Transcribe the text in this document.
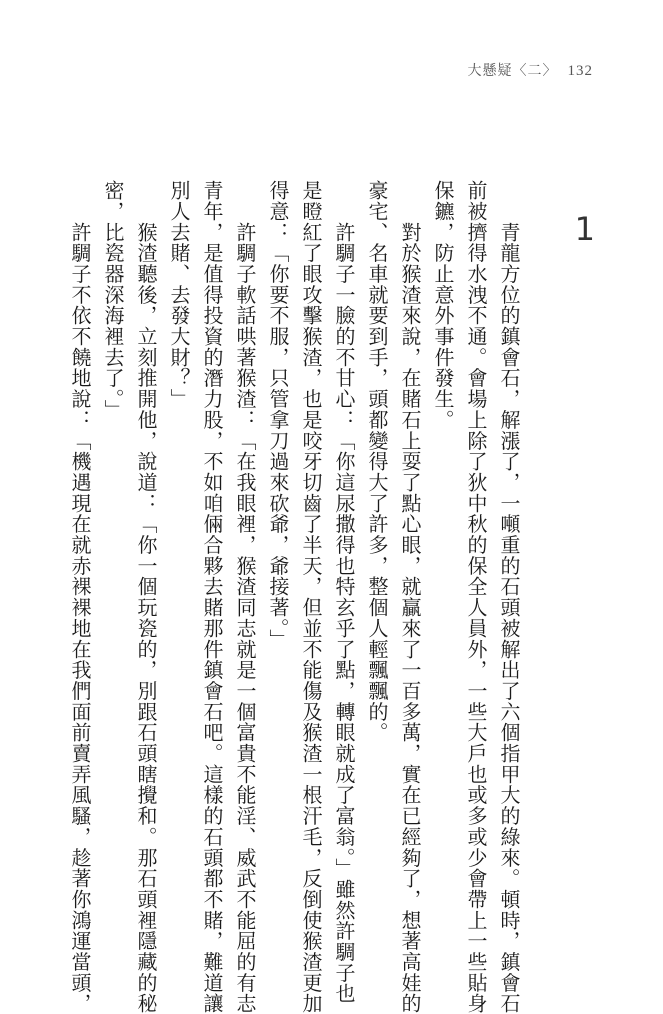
大懸疑〈二〉 132
1
　　青龍方位的鎮會石，解漲了，一噸重的石頭被解出了六個指甲大的綠來。頓時，鎮會石
前被擠得水洩不通。會場上除了狄中秋的保全人員外，一些大戶也或多或少會帶上一些貼身
保鑣，防止意外事件發生。
　　對於猴渣來說，在賭石上耍了點心眼，就贏來了一百多萬，實在已經夠了，想著高娃的
豪宅、名車就要到手，頭都變得大了許多，整個人輕飄飄的。
　　許騆子一臉的不甘心：「你這尿撒得也特玄乎了點，轉眼就成了富翁。」雖然許騆子也
是瞪紅了眼攻擊猴渣，也是咬牙切齒了半天，但並不能傷及猴渣一根汗毛，反倒使猴渣更加
得意：「你要不服，只管拿刀過來砍爺，爺接著。」
　　許騆子軟話哄著猴渣：「在我眼裡，猴渣同志就是一個富貴不能淫、威武不能屈的有志
青年，是值得投資的潛力股，不如咱倆合夥去賭那件鎮會石吧。這樣的石頭都不賭，難道讓
別人去賭、去發大財？」
　　猴渣聽後，立刻推開他，說道：「你一個玩瓷的，別跟石頭瞎攪和。那石頭裡隱藏的秘
密，比瓷器深海裡去了。」
　　許騆子不依不饒地說：「機遇現在就赤裸裸地在我們面前賣弄風騷，趁著你鴻運當頭，
